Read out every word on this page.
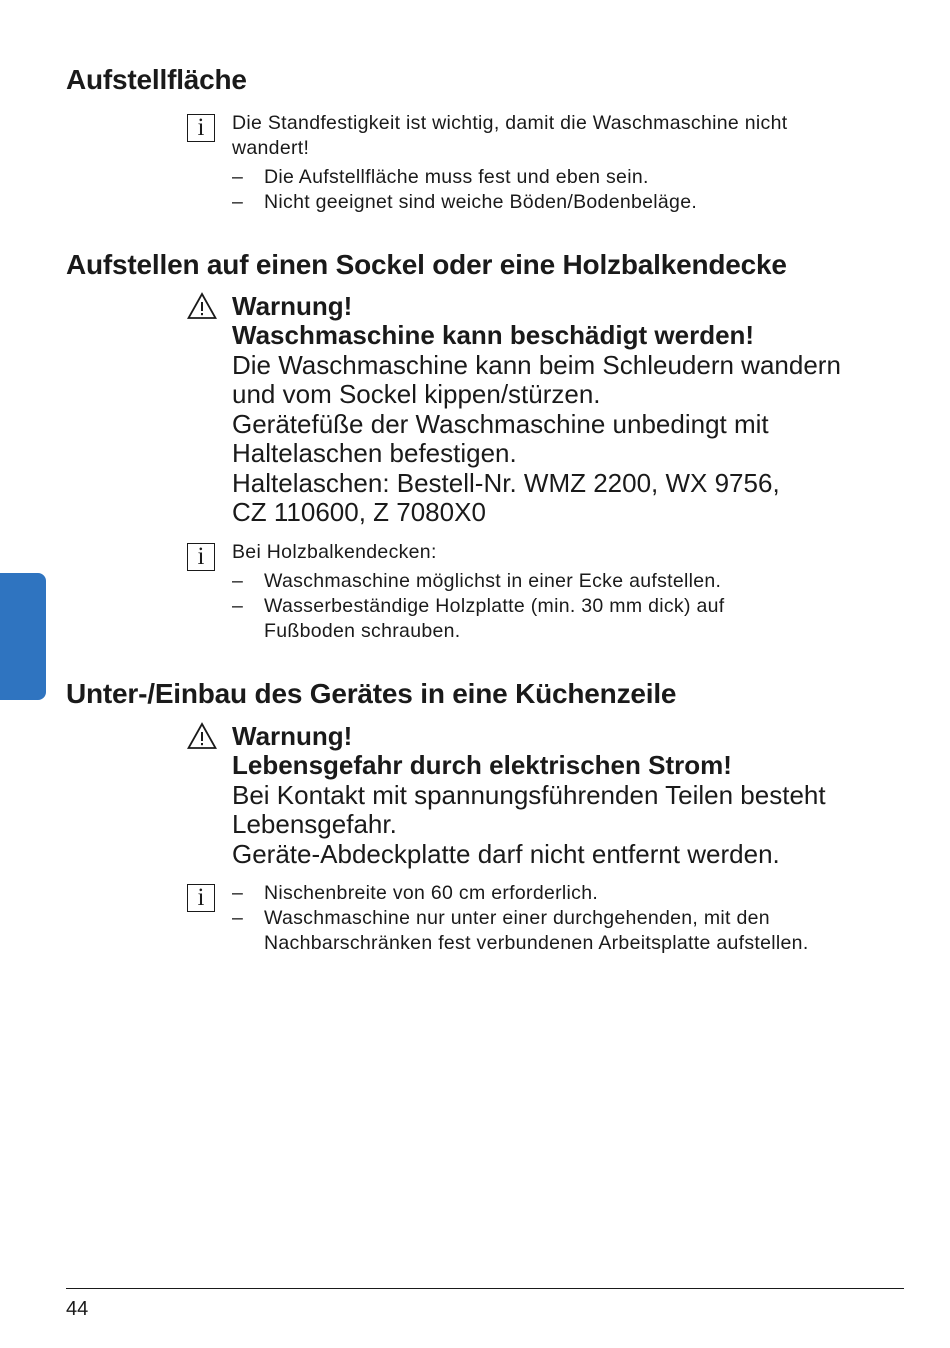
Aufstellfläche
i	Die Standfestigkeit ist wichtig, damit die Waschmaschine nicht
wandert!
– Die Aufstellfläche muss fest und eben sein.
– Nicht geeignet sind weiche Böden/Bodenbeläge.
Aufstellen auf einen Sockel oder eine Holzbalkendecke
Warnung!
Waschmaschine kann beschädigt werden!
Die Waschmaschine kann beim Schleudern wandern
und vom Sockel kippen/stürzen.
Gerätefüße der Waschmaschine unbedingt mit
Haltelaschen befestigen.
Haltelaschen: Bestell-Nr. WMZ 2200, WX 9756,
CZ 110600, Z 7080X0
i	Bei Holzbalkendecken:
– Waschmaschine möglichst in einer Ecke aufstellen.
– Wasserbeständige Holzplatte (min. 30 mm dick) auf
Fußboden schrauben.
Unter-/Einbau des Gerätes in eine Küchenzeile
Warnung!
Lebensgefahr durch elektrischen Strom!
Bei Kontakt mit spannungsführenden Teilen besteht
Lebensgefahr.
Geräte-Abdeckplatte darf nicht entfernt werden.
i	– Nischenbreite von 60 cm erforderlich.
– Waschmaschine nur unter einer durchgehenden, mit den
Nachbarschränken fest verbundenen Arbeitsplatte aufstellen.
44
